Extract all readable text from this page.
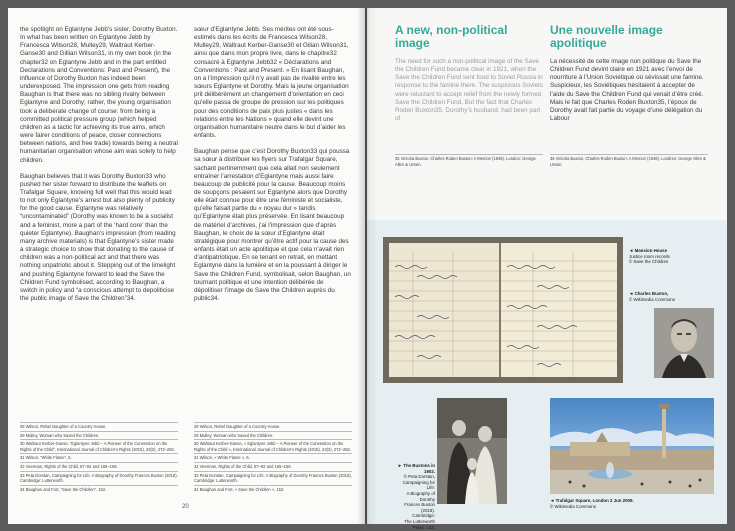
the spotlight on Eglantyne Jebb’s sister, Dorothy Buxton. In what has been written on Eglantyne Jebb by Francesca Wilson28, Mulley29, Waltraut Kerber-Ganse30 and Gillian Wilson31, in my own book (in the chapter32 on Eglantyne Jebb and in the part entitled Declarations and Conventions: Past and Present), the influence of Dorothy Buxton has indeed been underexposed. The impression one gets from reading Baughan is that there was no sibling rivalry between Eglantyne and Dorothy; rather, the young organisation took a deliberate change of course: from being a committed political pressure group (which helped children as a tactic for achieving its true aims, which were fairer conditions of peace, closer connections between nations, and free trade) towards being a neutral humanitarian organisation whose aim was solely to help children.

Baughan believes that it was Dorothy Buxton33 who pushed her sister forward to distribute the leaflets on Trafalgar Square, knowing full well that this would lead to not only Eglantyne’s arrest but also plenty of publicity for the good cause. Eglantyne was relatively “uncontaminated” (Dorothy was known to be a socialist and a feminist, more a part of the ‘hard core’ than the quieter Eglantyne). Baughan’s impression (from reading many archive materials) is that Eglantyne’s sister made a strategic choice to show that donating to the cause of children was a non-political act and that there was nothing unpatriotic about it. Stepping out of the limelight and pushing Eglantyne forward to lead the Save the Children Fund symbolised, according to Baughan, a switch in policy and “a conscious attempt to depoliticise the public image of Save the Children”34.

sœur d’Eglantyne Jebb. Ses mérites ont été sous-estimés dans les écrits de Francesca Wilson28, Mulley29, Waltraut Kerber-Ganse30 et Gilian Wilson31, ainsi que dans mon propre livre, dans le chapitre32 consacré à Eglantyne Jebb32 « Déclarations and Conventions : Past and Present. » En lisant Baughan, on a l’impression qu’il n’y avait pas de rivalité entre les sœurs Eglantyne et Dorothy. Mais la jeune organisation prit délibérément un changement d’orientation en ceci qu’elle passa de groupe de pression sur les politiques pour des conditions de paix plus justes « dans les relations entre les Nations » quand elle devint une organisation humanitaire neutre dans le but d’aider les enfants.

Baughan pense que c’est Dorothy Buxton33 qui poussa sa sœur à distribuer les flyers sur Trafalgar Square, sachant pertinemment que cela allait non seulement entraîner l’arrestation d’Eglantyne mais aussi faire beaucoup de publicité pour la cause. Beaucoup moins de soupçons pesaient sur Eglantyne alors que Dorothy elle était connue pour être une féministe et socialiste, qu’elle faisait partie du « noyau dur » tandis qu’Eglantyne était plus préservée. En lisant beaucoup de matériel d’archives, j’ai l’impression que d’après Baughan, le choix de la sœur d’Eglantyne était stratégique pour montrer qu’être actif pour la cause des enfants était un acte apolitique et que cela n’avait rien d’antipatriotique. En se tenant en retrait, en mettant Eglantyne dans la lumière et en la poussant à diriger le Save the Children Fund, symbolisait, selon Baughan, un tournant politique et une intention délibérée de dépolitiser l’image de Save the Children auprès du public34.

28 Wilson, Rebel Daughter of a Country House.
29 Mulley, Woman who Saved the Children.
30 Waltraut Kerber-Ganse, “Eglantyne Jebb – A Pioneer of the Convention on the Rights of the Child”, International Journal of Children’s Rights (2015), 23(2), 272–282.
31 Wilson, “White Flame”, 6.
32 Veerman, Rights of the Child, 87–92 and 155–159.
33 Peta Dorstan, Campaigning for Life. A Biography of Dorothy Frances Buxton (2018), Cambridge: Lutterworth.
34 Baughan and Fort, “Save the Children”, 152.
28 Wilson, Rebel Daughter of a Country House.
29 Mulley, Woman who Saved the Children.
30 Waltraut Kerber-Ganse, « Eglantyne Jebb – A Pioneer of the Convention on the Rights of the Child », International Journal of Children’s Rights (2015), 23(2), 272–282.
31 Wilson, « White Flame », 6.
32 Veerman, Rights of the Child, 87–92 and 155–159.
33 Peta Dorstan, Campaigning for Life. A Biography of Dorothy Frances Buxton (2018), Cambridge: Lutterworth.
34 Baughan and Fort, « Save the Children », 152.
20
A new, non-political image
Une nouvelle image apolitique
The need for such a non-political image of the Save the Children Fund became clear in 1921, when the Save the Children Fund sent food to Soviet Russia in response to the famine there. The suspicious Soviets were reluctant to accept relief from the newly formed Save the Children Fund. But the fact that Charles Roden Buxton35, Dorothy’s husband, had been part of
La nécessité de cette image non politique du Save the Children Fund devint claire en 1921 avec l’envoi de nourriture à l’Union Soviétique où sévissait une famine. Suspicieux, les Soviétiques hésitaient à accepter de l’aide du Save the Children Fund qui venait d’être créé. Mais le fait que Charles Roden Buxton35, l’époux de Dorothy avait fait partie du voyage d’une délégation du Labour
35 Victoria Buxton, Charles Roden Buxton: A Memoir (1948), London: George Allen & Unwin.
35 Victoria Buxton, Charles Roden Buxton: A Memoir (1948), Londres: George Allen & Unwin.
◄ Mansion House
Justice room records
© Save the Children
◄ Charles Buxton,
© Wikimedia Commons
► The Buxtons in 1902.
© Peta Dorstan,
Campaigning for Life:
A Biography of Dorothy
Frances Buxton (2018).
Cambridge:
The Lutterworth
Press, 133.
◄ Trafalgar Square, London 2 Jun 2009.
© Wikimedia Commons
